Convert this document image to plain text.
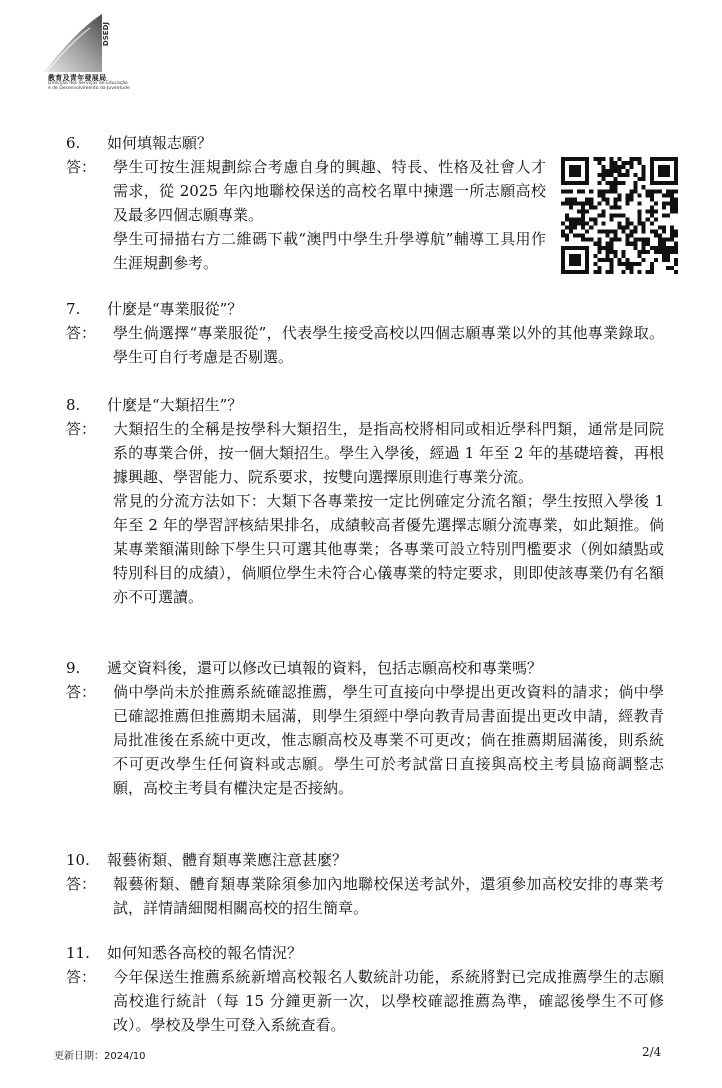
DSEDJ
教育及青年發展局
Direcção dos Serviços de Educação
e de Desenvolvimento da Juventude
6.	如何填報志願？
答：	學生可按生涯規劃綜合考慮自身的興趣、特長、性格及社會人才需求，從 2025 年內地聯校保送的高校名單中揀選一所志願高校及最多四個志願專業。

學生可掃描右方二維碼下載“澳門中學生升學導航”輔導工具用作生涯規劃參考。

7.	什麼是“專業服從”？
答：	學生倘選擇“專業服從”，代表學生接受高校以四個志願專業以外的其他專業錄取。學生可自行考慮是否剔選。

8.	什麼是“大類招生”？
答：	大類招生的全稱是按學科大類招生，是指高校將相同或相近學科門類，通常是同院系的專業合併，按一個大類招生。學生入學後，經過 1 年至 2 年的基礎培養，再根據興趣、學習能力、院系要求，按雙向選擇原則進行專業分流。

常見的分流方法如下：大類下各專業按一定比例確定分流名額；學生按照入學後 1 年至 2 年的學習評核結果排名，成績較高者優先選擇志願分流專業，如此類推。倘某專業額滿則餘下學生只可選其他專業；各專業可設立特別門檻要求（例如績點或特別科目的成績），倘順位學生未符合心儀專業的特定要求，則即使該專業仍有名額亦不可選讀。

9.	遞交資料後，還可以修改已填報的資料，包括志願高校和專業嗎？
答：	倘中學尚未於推薦系統確認推薦，學生可直接向中學提出更改資料的請求；倘中學已確認推薦但推薦期未屆滿，則學生須經中學向教青局書面提出更改申請，經教青局批准後在系統中更改，惟志願高校及專業不可更改；倘在推薦期屆滿後，則系統不可更改學生任何資料或志願。學生可於考試當日直接與高校主考員協商調整志願，高校主考員有權決定是否接納。

10.	報藝術類、體育類專業應注意甚麼？
答：	報藝術類、體育類專業除須參加內地聯校保送考試外，還須參加高校安排的專業考試，詳情請細閱相關高校的招生簡章。

11.	如何知悉各高校的報名情況？
答：	今年保送生推薦系統新增高校報名人數統計功能，系統將對已完成推薦學生的志願高校進行統計（每 15 分鐘更新一次，以學校確認推薦為準，確認後學生不可修改）。學校及學生可登入系統查看。

更新日期：2024/10	2/4
